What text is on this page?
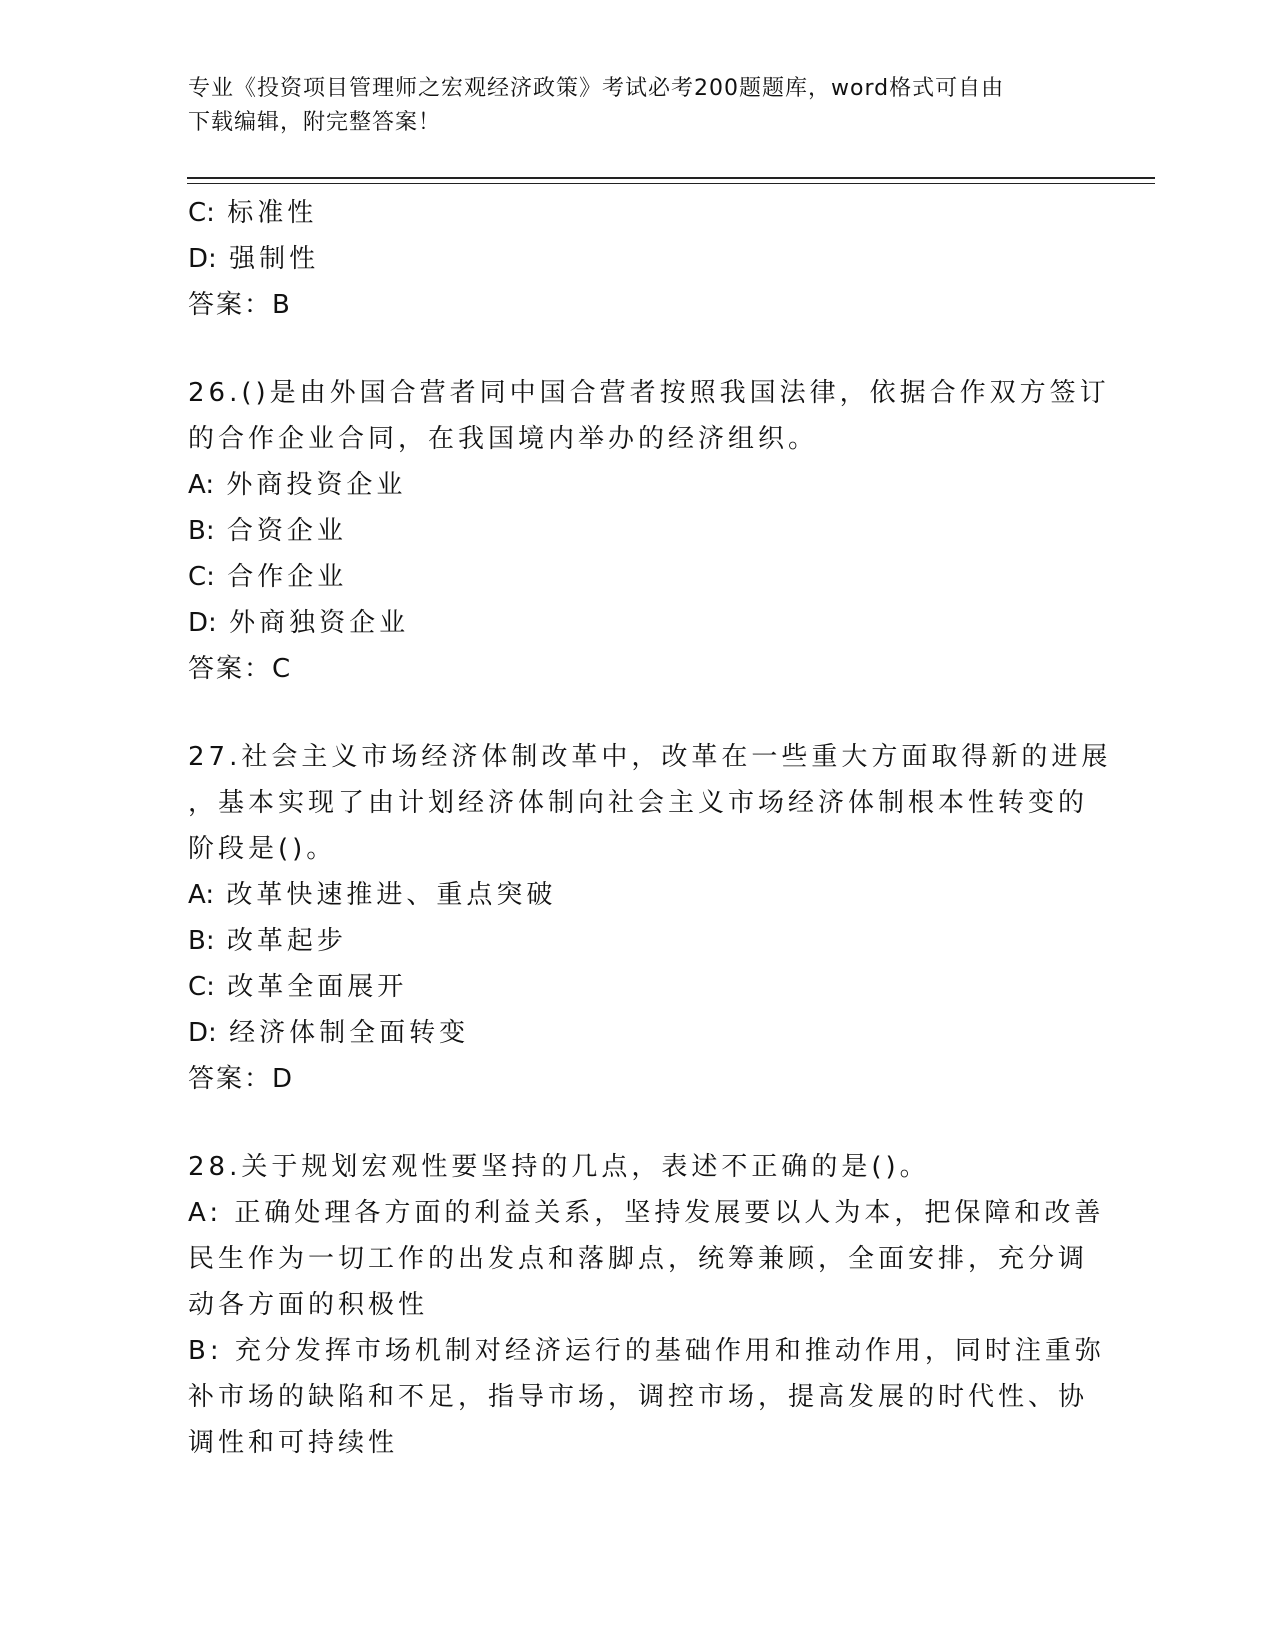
专业《投资项目管理师之宏观经济政策》考试必考200题题库，word格式可自由
下载编辑，附完整答案！
C: 标准性
D: 强制性
答案：B
26.()是由外国合营者同中国合营者按照我国法律，依据合作双方签订
的合作企业合同，在我国境内举办的经济组织。
A: 外商投资企业
B: 合资企业
C: 合作企业
D: 外商独资企业
答案：C
27.社会主义市场经济体制改革中，改革在一些重大方面取得新的进展
，基本实现了由计划经济体制向社会主义市场经济体制根本性转变的
阶段是()。
A: 改革快速推进、重点突破
B: 改革起步
C: 改革全面展开
D: 经济体制全面转变
答案：D
28.关于规划宏观性要坚持的几点，表述不正确的是()。
A: 正确处理各方面的利益关系，坚持发展要以人为本，把保障和改善
民生作为一切工作的出发点和落脚点，统筹兼顾，全面安排，充分调
动各方面的积极性
B: 充分发挥市场机制对经济运行的基础作用和推动作用，同时注重弥
补市场的缺陷和不足，指导市场，调控市场，提高发展的时代性、协
调性和可持续性
